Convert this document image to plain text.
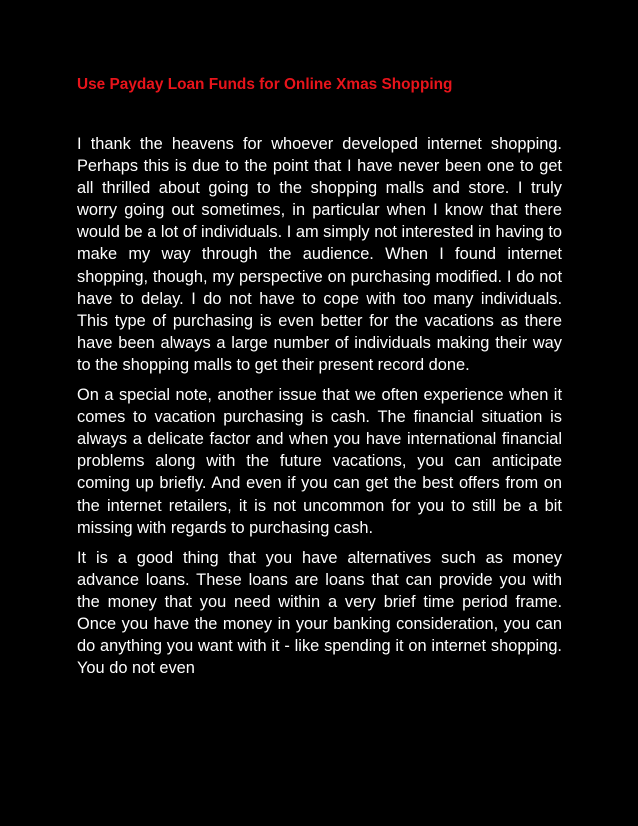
Use Payday Loan Funds for Online Xmas Shopping

I thank the heavens for whoever developed internet shopping. Perhaps this is due to the point that I have never been one to get all thrilled about going to the shopping malls and store. I truly worry going out sometimes, in particular when I know that there would be a lot of individuals. I am simply not interested in having to make my way through the audience. When I found internet shopping, though, my perspective on purchasing modified. I do not have to delay. I do not have to cope with too many individuals. This type of purchasing is even better for the vacations as there have been always a large number of individuals making their way to the shopping malls to get their present record done.

On a special note, another issue that we often experience when it comes to vacation purchasing is cash. The financial situation is always a delicate factor and when you have international financial problems along with the future vacations, you can anticipate coming up briefly. And even if you can get the best offers from on the internet retailers, it is not uncommon for you to still be a bit missing with regards to purchasing cash.

It is a good thing that you have alternatives such as money advance loans. These loans are loans that can provide you with the money that you need within a very brief time period frame. Once you have the money in your banking consideration, you can do anything you want with it - like spending it on internet shopping. You do not even
